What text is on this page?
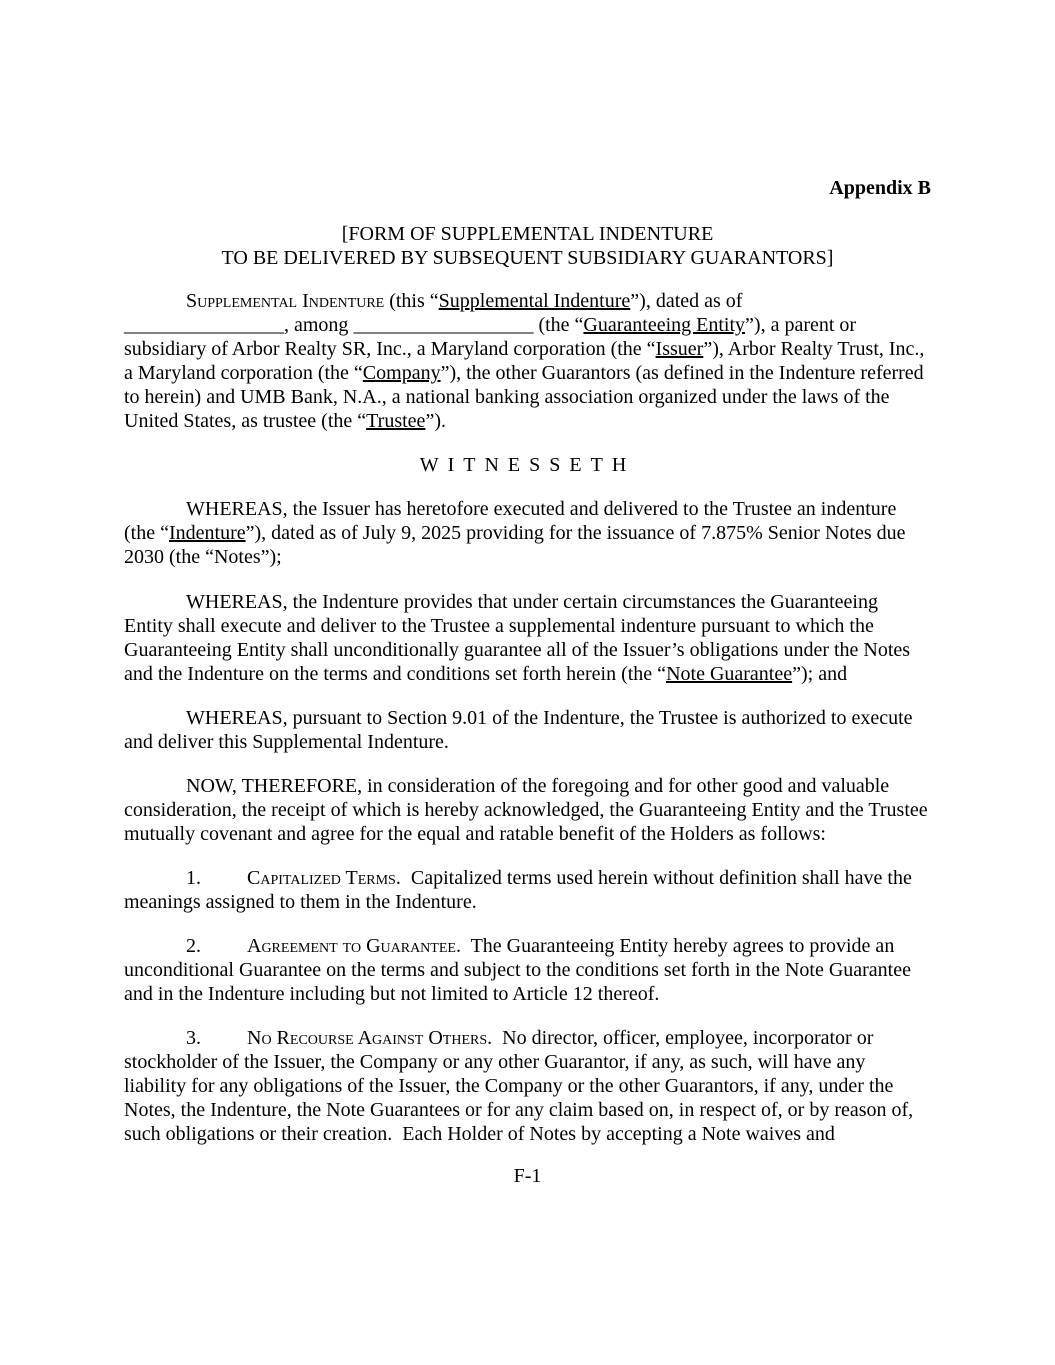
Appendix B
[FORM OF SUPPLEMENTAL INDENTURE
TO BE DELIVERED BY SUBSEQUENT SUBSIDIARY GUARANTORS]

Supplemental Indenture (this “Supplemental Indenture”), dated as of
________________, among __________________ (the “Guaranteeing Entity”), a parent or subsidiary of Arbor Realty SR, Inc., a Maryland corporation (the “Issuer”), Arbor Realty Trust, Inc., a Maryland corporation (the “Company”), the other Guarantors (as defined in the Indenture referred to herein) and UMB Bank, N.A., a national banking association organized under the laws of the United States, as trustee (the “Trustee”).

WITNESSETH

WHEREAS, the Issuer has heretofore executed and delivered to the Trustee an indenture (the “Indenture”), dated as of July 9, 2025 providing for the issuance of 7.875% Senior Notes due 2030 (the “Notes”);

WHEREAS, the Indenture provides that under certain circumstances the Guaranteeing Entity shall execute and deliver to the Trustee a supplemental indenture pursuant to which the Guaranteeing Entity shall unconditionally guarantee all of the Issuer’s obligations under the Notes and the Indenture on the terms and conditions set forth herein (the “Note Guarantee”); and

WHEREAS, pursuant to Section 9.01 of the Indenture, the Trustee is authorized to execute and deliver this Supplemental Indenture.

NOW, THEREFORE, in consideration of the foregoing and for other good and valuable consideration, the receipt of which is hereby acknowledged, the Guaranteeing Entity and the Trustee mutually covenant and agree for the equal and ratable benefit of the Holders as follows:

1. Capitalized Terms.  Capitalized terms used herein without definition shall have the meanings assigned to them in the Indenture.

2. Agreement to Guarantee.  The Guaranteeing Entity hereby agrees to provide an unconditional Guarantee on the terms and subject to the conditions set forth in the Note Guarantee and in the Indenture including but not limited to Article 12 thereof.

3. No Recourse Against Others.  No director, officer, employee, incorporator or stockholder of the Issuer, the Company or any other Guarantor, if any, as such, will have any liability for any obligations of the Issuer, the Company or the other Guarantors, if any, under the Notes, the Indenture, the Note Guarantees or for any claim based on, in respect of, or by reason of, such obligations or their creation.  Each Holder of Notes by accepting a Note waives and

F-1
